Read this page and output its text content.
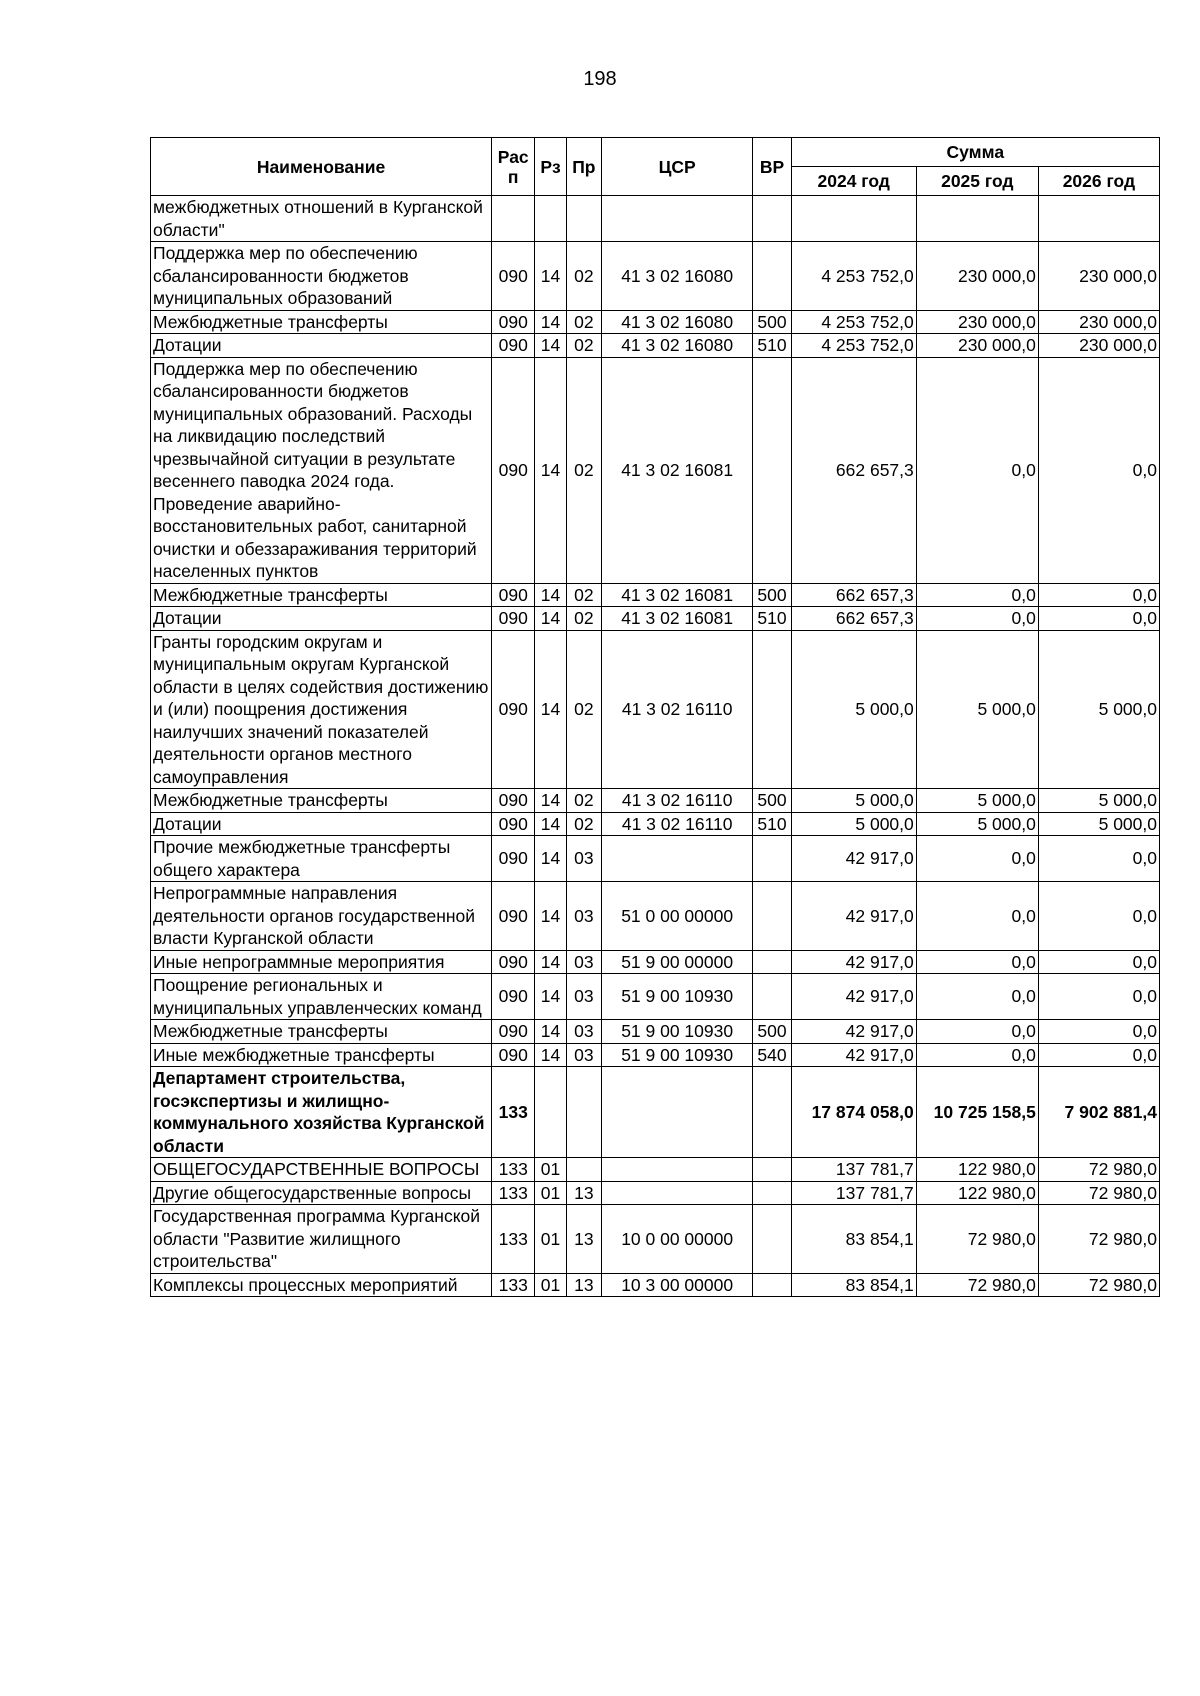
198
Наименование	Рас п	Рз	Пр	ЦСР	ВР	Сумма		
						2024 год	2025 год	2026 год
межбюджетных отношений в Курганской области"								
Поддержка мер по обеспечению сбалансированности бюджетов муниципальных образований	090	14	02	41 3 02 16080		4 253 752,0	230 000,0	230 000,0
Межбюджетные трансферты	090	14	02	41 3 02 16080	500	4 253 752,0	230 000,0	230 000,0
Дотации	090	14	02	41 3 02 16080	510	4 253 752,0	230 000,0	230 000,0
Поддержка мер по обеспечению сбалансированности бюджетов муниципальных образований. Расходы на ликвидацию последствий чрезвычайной ситуации в результате весеннего паводка 2024 года. Проведение аварийно-восстановительных работ, санитарной очистки и обеззараживания территорий населенных пунктов	090	14	02	41 3 02 16081		662 657,3	0,0	0,0
Межбюджетные трансферты	090	14	02	41 3 02 16081	500	662 657,3	0,0	0,0
Дотации	090	14	02	41 3 02 16081	510	662 657,3	0,0	0,0
Гранты городским округам и муниципальным округам Курганской области в целях содействия достижению и (или) поощрения достижения наилучших значений показателей деятельности органов местного самоуправления	090	14	02	41 3 02 16110		5 000,0	5 000,0	5 000,0
Межбюджетные трансферты	090	14	02	41 3 02 16110	500	5 000,0	5 000,0	5 000,0
Дотации	090	14	02	41 3 02 16110	510	5 000,0	5 000,0	5 000,0
Прочие межбюджетные трансферты общего характера	090	14	03			42 917,0	0,0	0,0
Непрограммные направления деятельности органов государственной власти Курганской области	090	14	03	51 0 00 00000		42 917,0	0,0	0,0
Иные непрограммные мероприятия	090	14	03	51 9 00 00000		42 917,0	0,0	0,0
Поощрение региональных и муниципальных управленческих команд	090	14	03	51 9 00 10930		42 917,0	0,0	0,0
Межбюджетные трансферты	090	14	03	51 9 00 10930	500	42 917,0	0,0	0,0
Иные межбюджетные трансферты	090	14	03	51 9 00 10930	540	42 917,0	0,0	0,0
Департамент строительства, госэкспертизы и жилищно-коммунального хозяйства Курганской области	133					17 874 058,0	10 725 158,5	7 902 881,4
ОБЩЕГОСУДАРСТВЕННЫЕ ВОПРОСЫ	133	01				137 781,7	122 980,0	72 980,0
Другие общегосударственные вопросы	133	01	13			137 781,7	122 980,0	72 980,0
Государственная программа Курганской области "Развитие жилищного строительства"	133	01	13	10 0 00 00000		83 854,1	72 980,0	72 980,0
Комплексы процессных мероприятий	133	01	13	10 3 00 00000		83 854,1	72 980,0	72 980,0
